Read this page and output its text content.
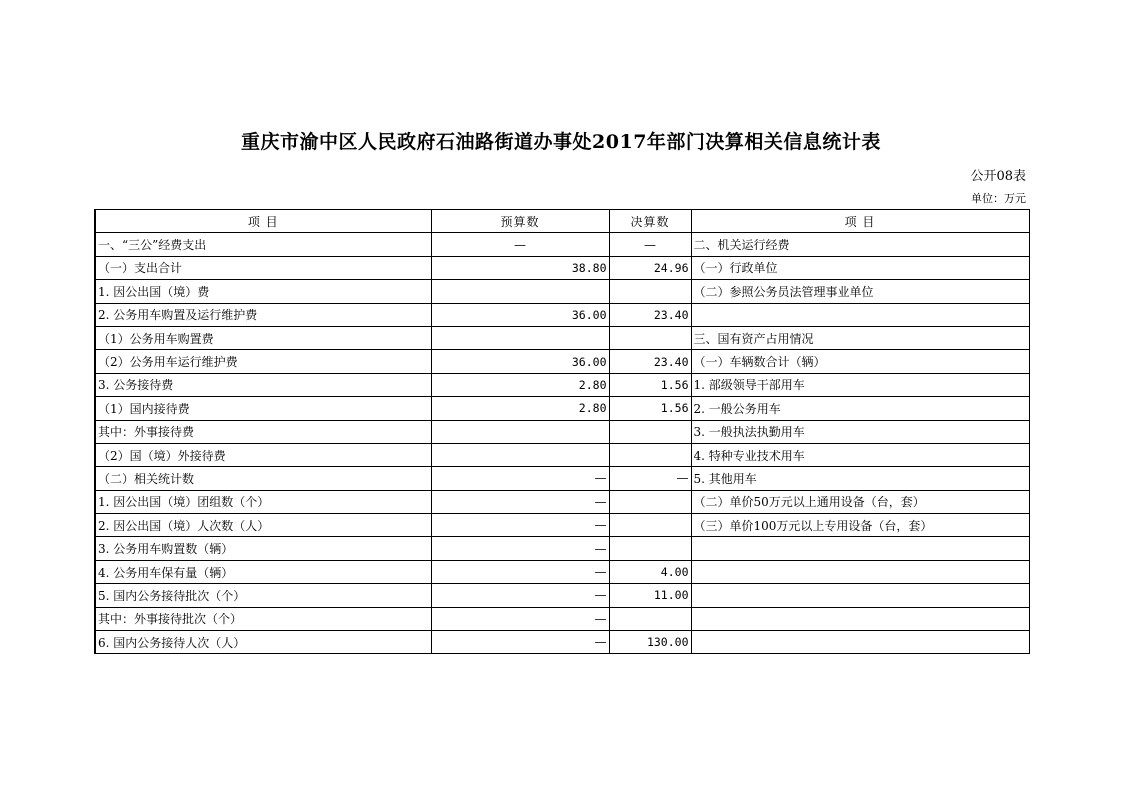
重庆市渝中区人民政府石油路街道办事处2017年部门决算相关信息统计表
公开08表
单位：万元
项 目	预算数	决算数	项 目
一、“三公”经费支出	—	—	二、机关运行经费
（一）支出合计	38.80	24.96	（一）行政单位
1. 因公出国（境）费			（二）参照公务员法管理事业单位
2. 公务用车购置及运行维护费	36.00	23.40	
（1）公务用车购置费			三、国有资产占用情况
（2）公务用车运行维护费	36.00	23.40	（一）车辆数合计（辆）
3. 公务接待费	2.80	1.56	1. 部级领导干部用车
（1）国内接待费	2.80	1.56	2. 一般公务用车
其中：外事接待费			3. 一般执法执勤用车
（2）国（境）外接待费			4. 特种专业技术用车
（二）相关统计数	—	—	5. 其他用车
1. 因公出国（境）团组数（个）	—		（二）单价50万元以上通用设备（台，套）
2. 因公出国（境）人次数（人）	—		（三）单价100万元以上专用设备（台，套）
3. 公务用车购置数（辆）	—		
4. 公务用车保有量（辆）	—	4.00	
5. 国内公务接待批次（个）	—	11.00	
其中：外事接待批次（个）	—		
6. 国内公务接待人次（人）	—	130.00	
